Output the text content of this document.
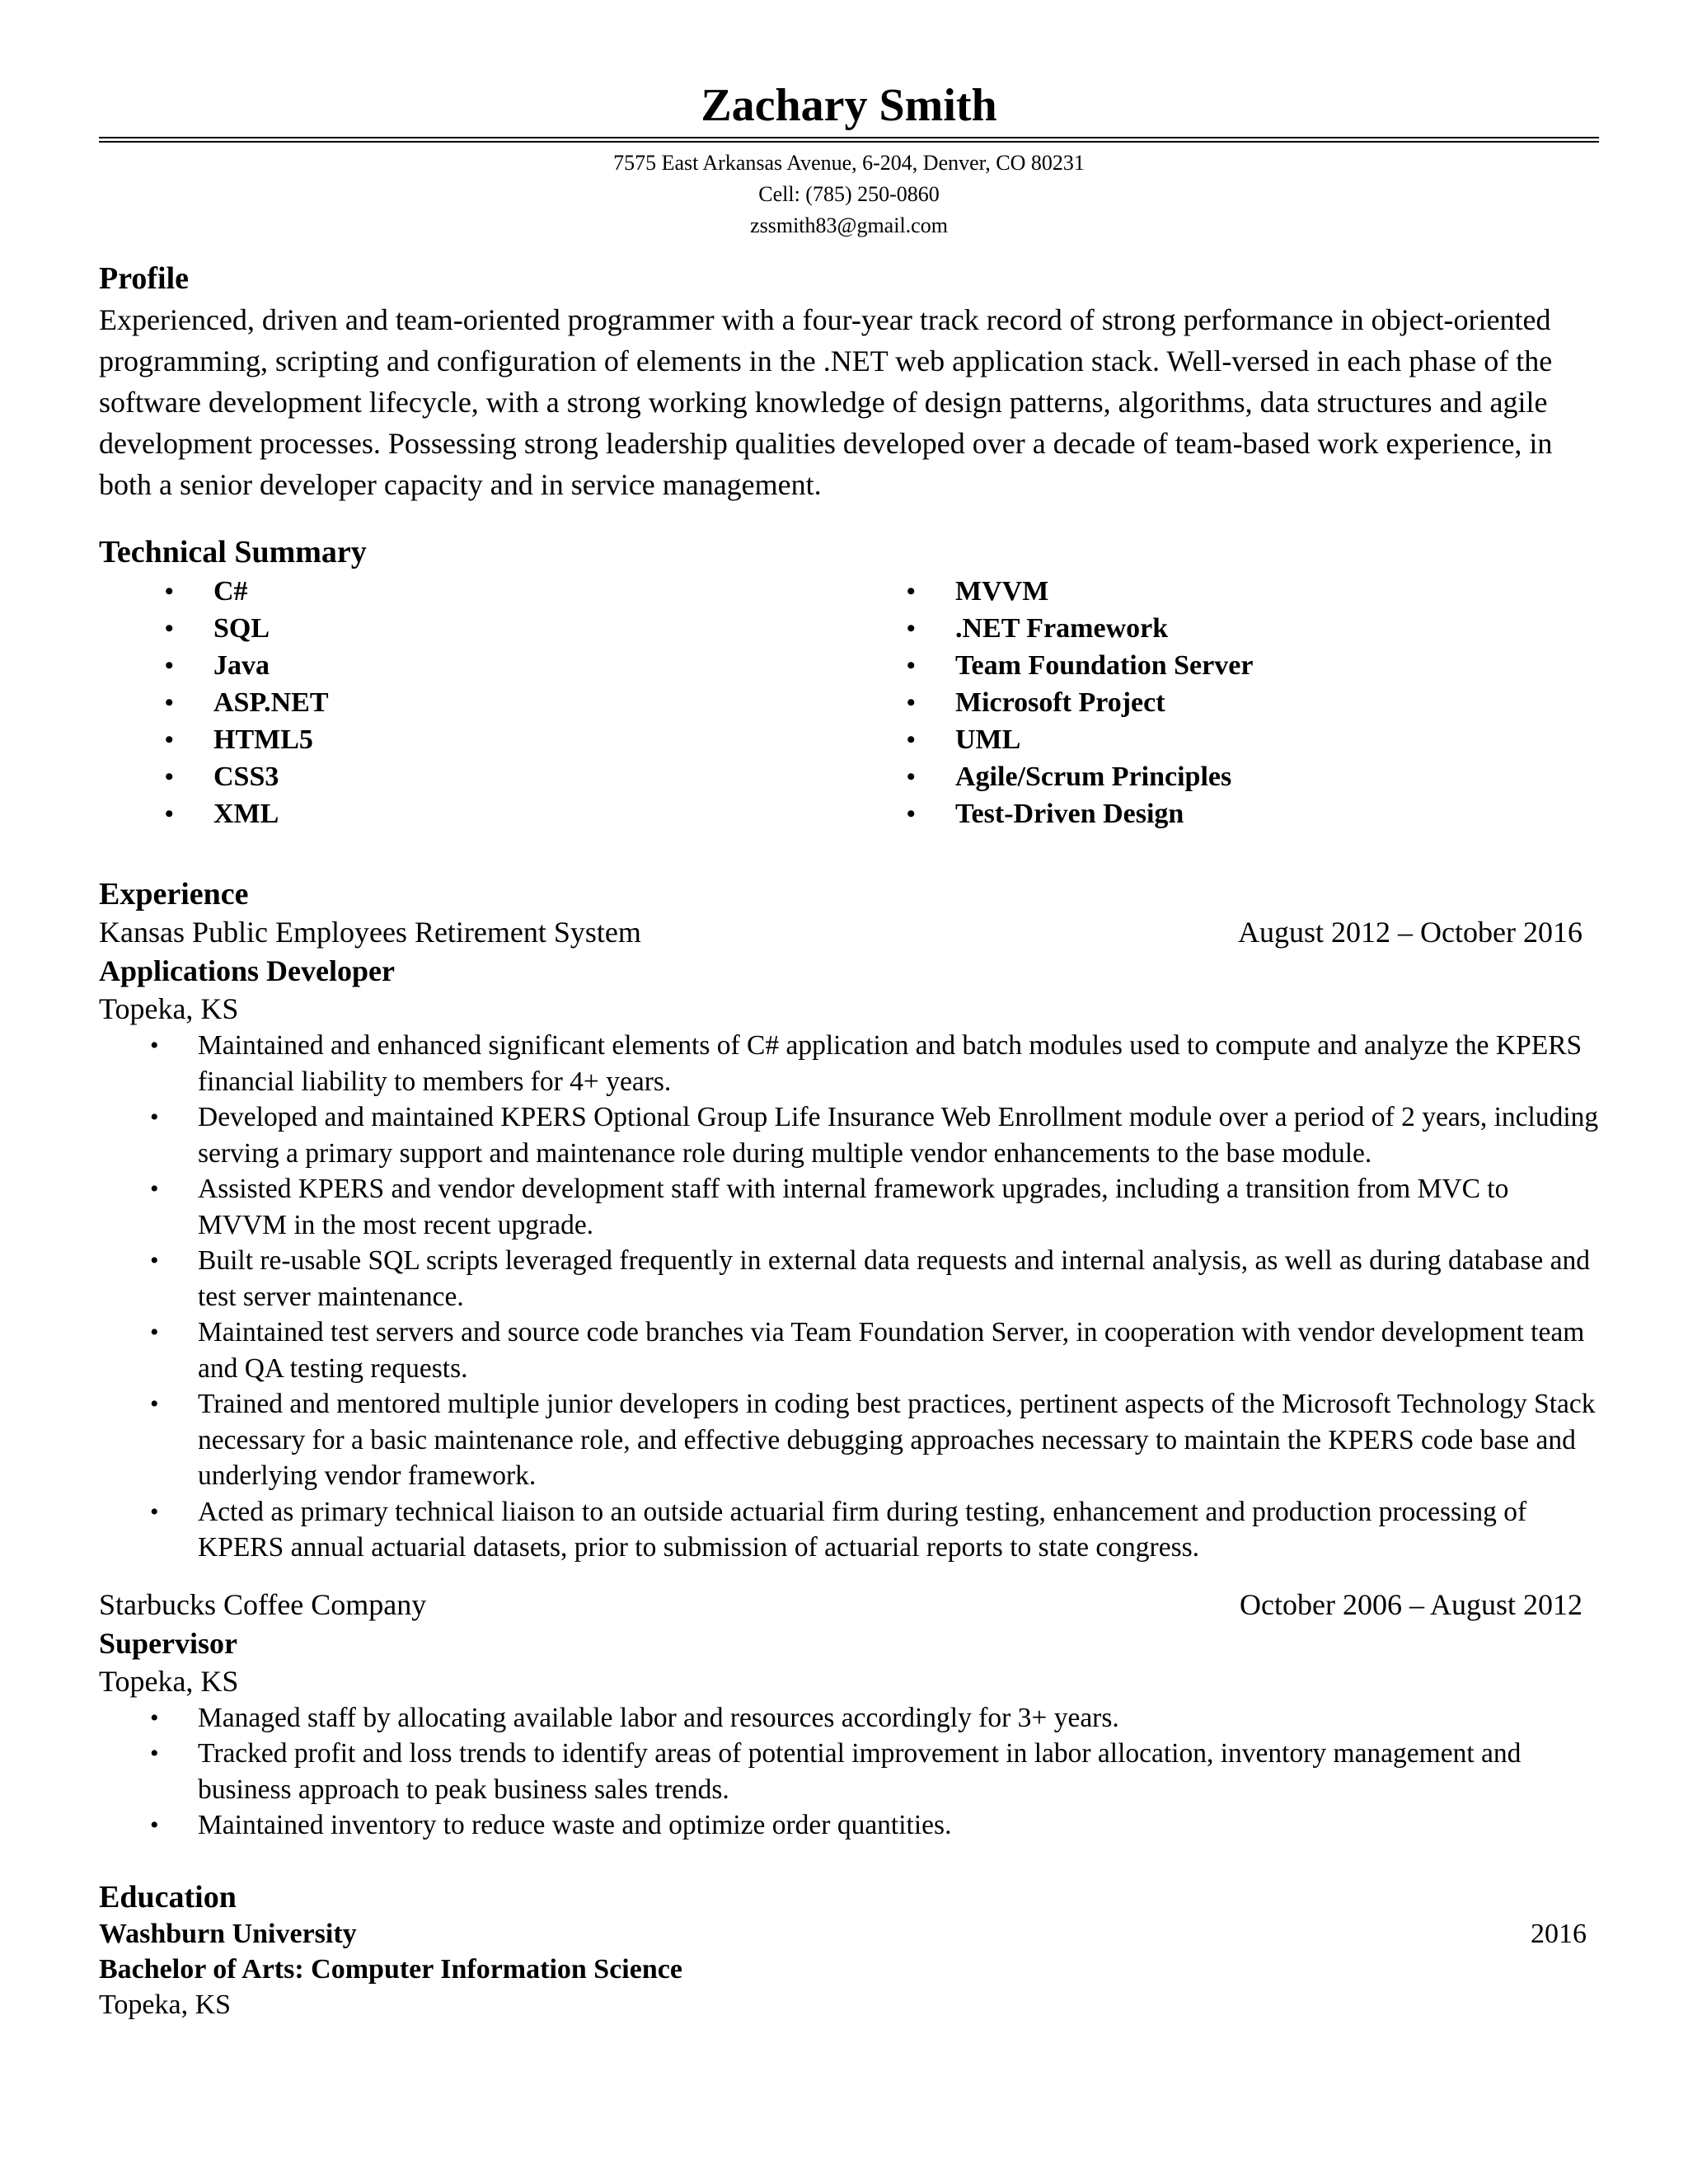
Zachary Smith
7575 East Arkansas Avenue, 6-204, Denver, CO 80231
Cell: (785) 250-0860
zssmith83@gmail.com
Profile

Experienced, driven and team-oriented programmer with a four-year track record of strong performance in object-oriented programming, scripting and configuration of elements in the .NET web application stack. Well-versed in each phase of the software development lifecycle, with a strong working knowledge of design patterns, algorithms, data structures and agile development processes. Possessing strong leadership qualities developed over a decade of team-based work experience, in both a senior developer capacity and in service management.

Technical Summary
• C#
• SQL
• Java
• ASP.NET
• HTML5
• CSS3
• XML
• MVVM
• .NET Framework
• Team Foundation Server
• Microsoft Project
• UML
• Agile/Scrum Principles
• Test-Driven Design
Experience
Kansas Public Employees Retirement System	August 2012 – October 2016
Applications Developer
Topeka, KS
• Maintained and enhanced significant elements of C# application and batch modules used to compute and analyze the KPERS financial liability to members for 4+ years.
• Developed and maintained KPERS Optional Group Life Insurance Web Enrollment module over a period of 2 years, including serving a primary support and maintenance role during multiple vendor enhancements to the base module.
• Assisted KPERS and vendor development staff with internal framework upgrades, including a transition from MVC to MVVM in the most recent upgrade.
• Built re-usable SQL scripts leveraged frequently in external data requests and internal analysis, as well as during database and test server maintenance.
• Maintained test servers and source code branches via Team Foundation Server, in cooperation with vendor development team and QA testing requests.
• Trained and mentored multiple junior developers in coding best practices, pertinent aspects of the Microsoft Technology Stack necessary for a basic maintenance role, and effective debugging approaches necessary to maintain the KPERS code base and underlying vendor framework.
• Acted as primary technical liaison to an outside actuarial firm during testing, enhancement and production processing of KPERS annual actuarial datasets, prior to submission of actuarial reports to state congress.
Starbucks Coffee Company	October 2006 – August 2012
Supervisor
Topeka, KS
• Managed staff by allocating available labor and resources accordingly for 3+ years.
• Tracked profit and loss trends to identify areas of potential improvement in labor allocation, inventory management and business approach to peak business sales trends.
• Maintained inventory to reduce waste and optimize order quantities.
Education
Washburn University	2016
Bachelor of Arts: Computer Information Science
Topeka, KS
